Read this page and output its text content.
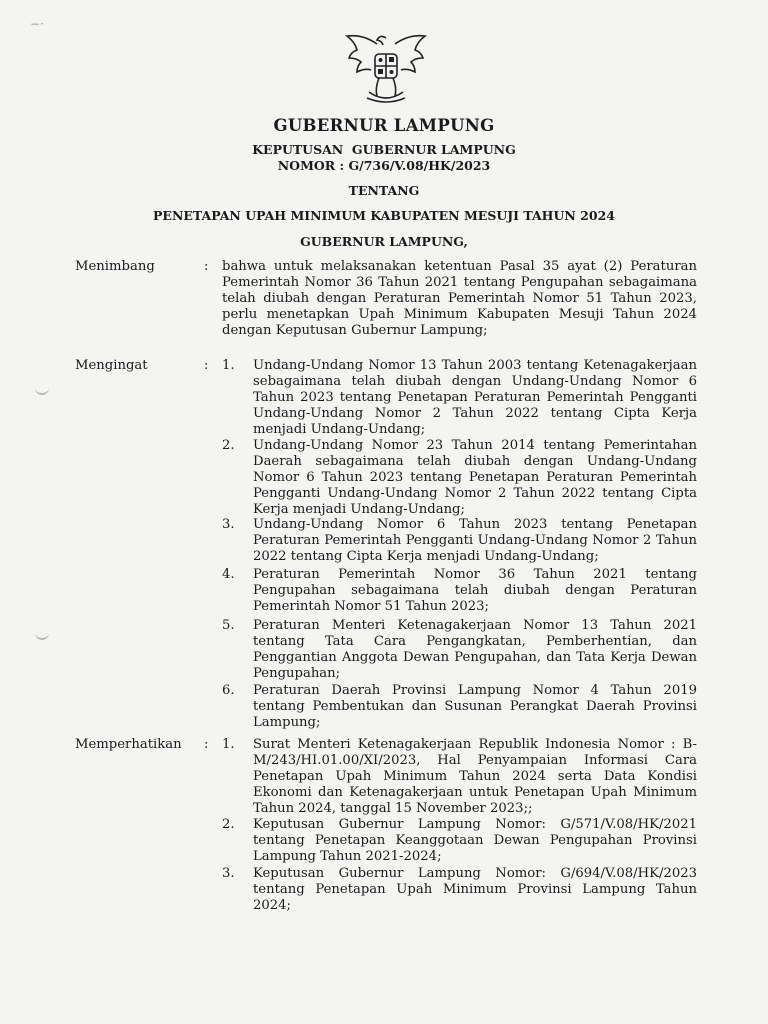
−·
GUBERNUR LAMPUNG
KEPUTUSAN  GUBERNUR LAMPUNG
NOMOR : G/736/V.08/HK/2023
TENTANG
PENETAPAN UPAH MINIMUM KABUPATEN MESUJI TAHUN 2024
GUBERNUR LAMPUNG,
Menimbang	: bahwa untuk melaksanakan ketentuan Pasal 35 ayat (2) Peraturan Pemerintah Nomor 36 Tahun 2021 tentang Pengupahan sebagaimana telah diubah dengan Peraturan Pemerintah Nomor 51 Tahun 2023, perlu menetapkan Upah Minimum Kabupaten Mesuji Tahun 2024 dengan Keputusan Gubernur Lampung;

Mengingat	: 1. Undang-Undang Nomor 13 Tahun 2003 tentang Ketenagakerjaan sebagaimana telah diubah dengan Undang-Undang Nomor 6 Tahun 2023 tentang Penetapan Peraturan Pemerintah Pengganti Undang-Undang Nomor 2 Tahun 2022 tentang Cipta Kerja menjadi Undang-Undang;

2. Undang-Undang Nomor 23 Tahun 2014 tentang Pemerintahan Daerah sebagaimana telah diubah dengan Undang-Undang Nomor 6 Tahun 2023 tentang Penetapan Peraturan Pemerintah Pengganti Undang-Undang Nomor 2 Tahun 2022 tentang Cipta Kerja menjadi Undang-Undang;

3. Undang-Undang Nomor 6 Tahun 2023 tentang Penetapan Peraturan Pemerintah Pengganti Undang-Undang Nomor 2 Tahun 2022 tentang Cipta Kerja menjadi Undang-Undang;

4. Peraturan Pemerintah Nomor 36 Tahun 2021 tentang Pengupahan sebagaimana telah diubah dengan Peraturan Pemerintah Nomor 51 Tahun 2023;

5. Peraturan Menteri Ketenagakerjaan Nomor 13 Tahun 2021 tentang Tata Cara Pengangkatan, Pemberhentian, dan Penggantian Anggota Dewan Pengupahan, dan Tata Kerja Dewan Pengupahan;

6. Peraturan Daerah Provinsi Lampung Nomor 4 Tahun 2019 tentang Pembentukan dan Susunan Perangkat Daerah Provinsi Lampung;

Memperhatikan : 1. Surat Menteri Ketenagakerjaan Republik Indonesia Nomor : B-M/243/HI.01.00/XI/2023, Hal Penyampaian Informasi Cara Penetapan Upah Minimum Tahun 2024 serta Data Kondisi Ekonomi dan Ketenagakerjaan untuk Penetapan Upah Minimum Tahun 2024, tanggal 15 November 2023;;

2. Keputusan Gubernur Lampung Nomor: G/571/V.08/HK/2021 tentang Penetapan Keanggotaan Dewan Pengupahan Provinsi Lampung Tahun 2021-2024;

3. Keputusan Gubernur Lampung Nomor: G/694/V.08/HK/2023 tentang Penetapan Upah Minimum Provinsi Lampung Tahun 2024;
